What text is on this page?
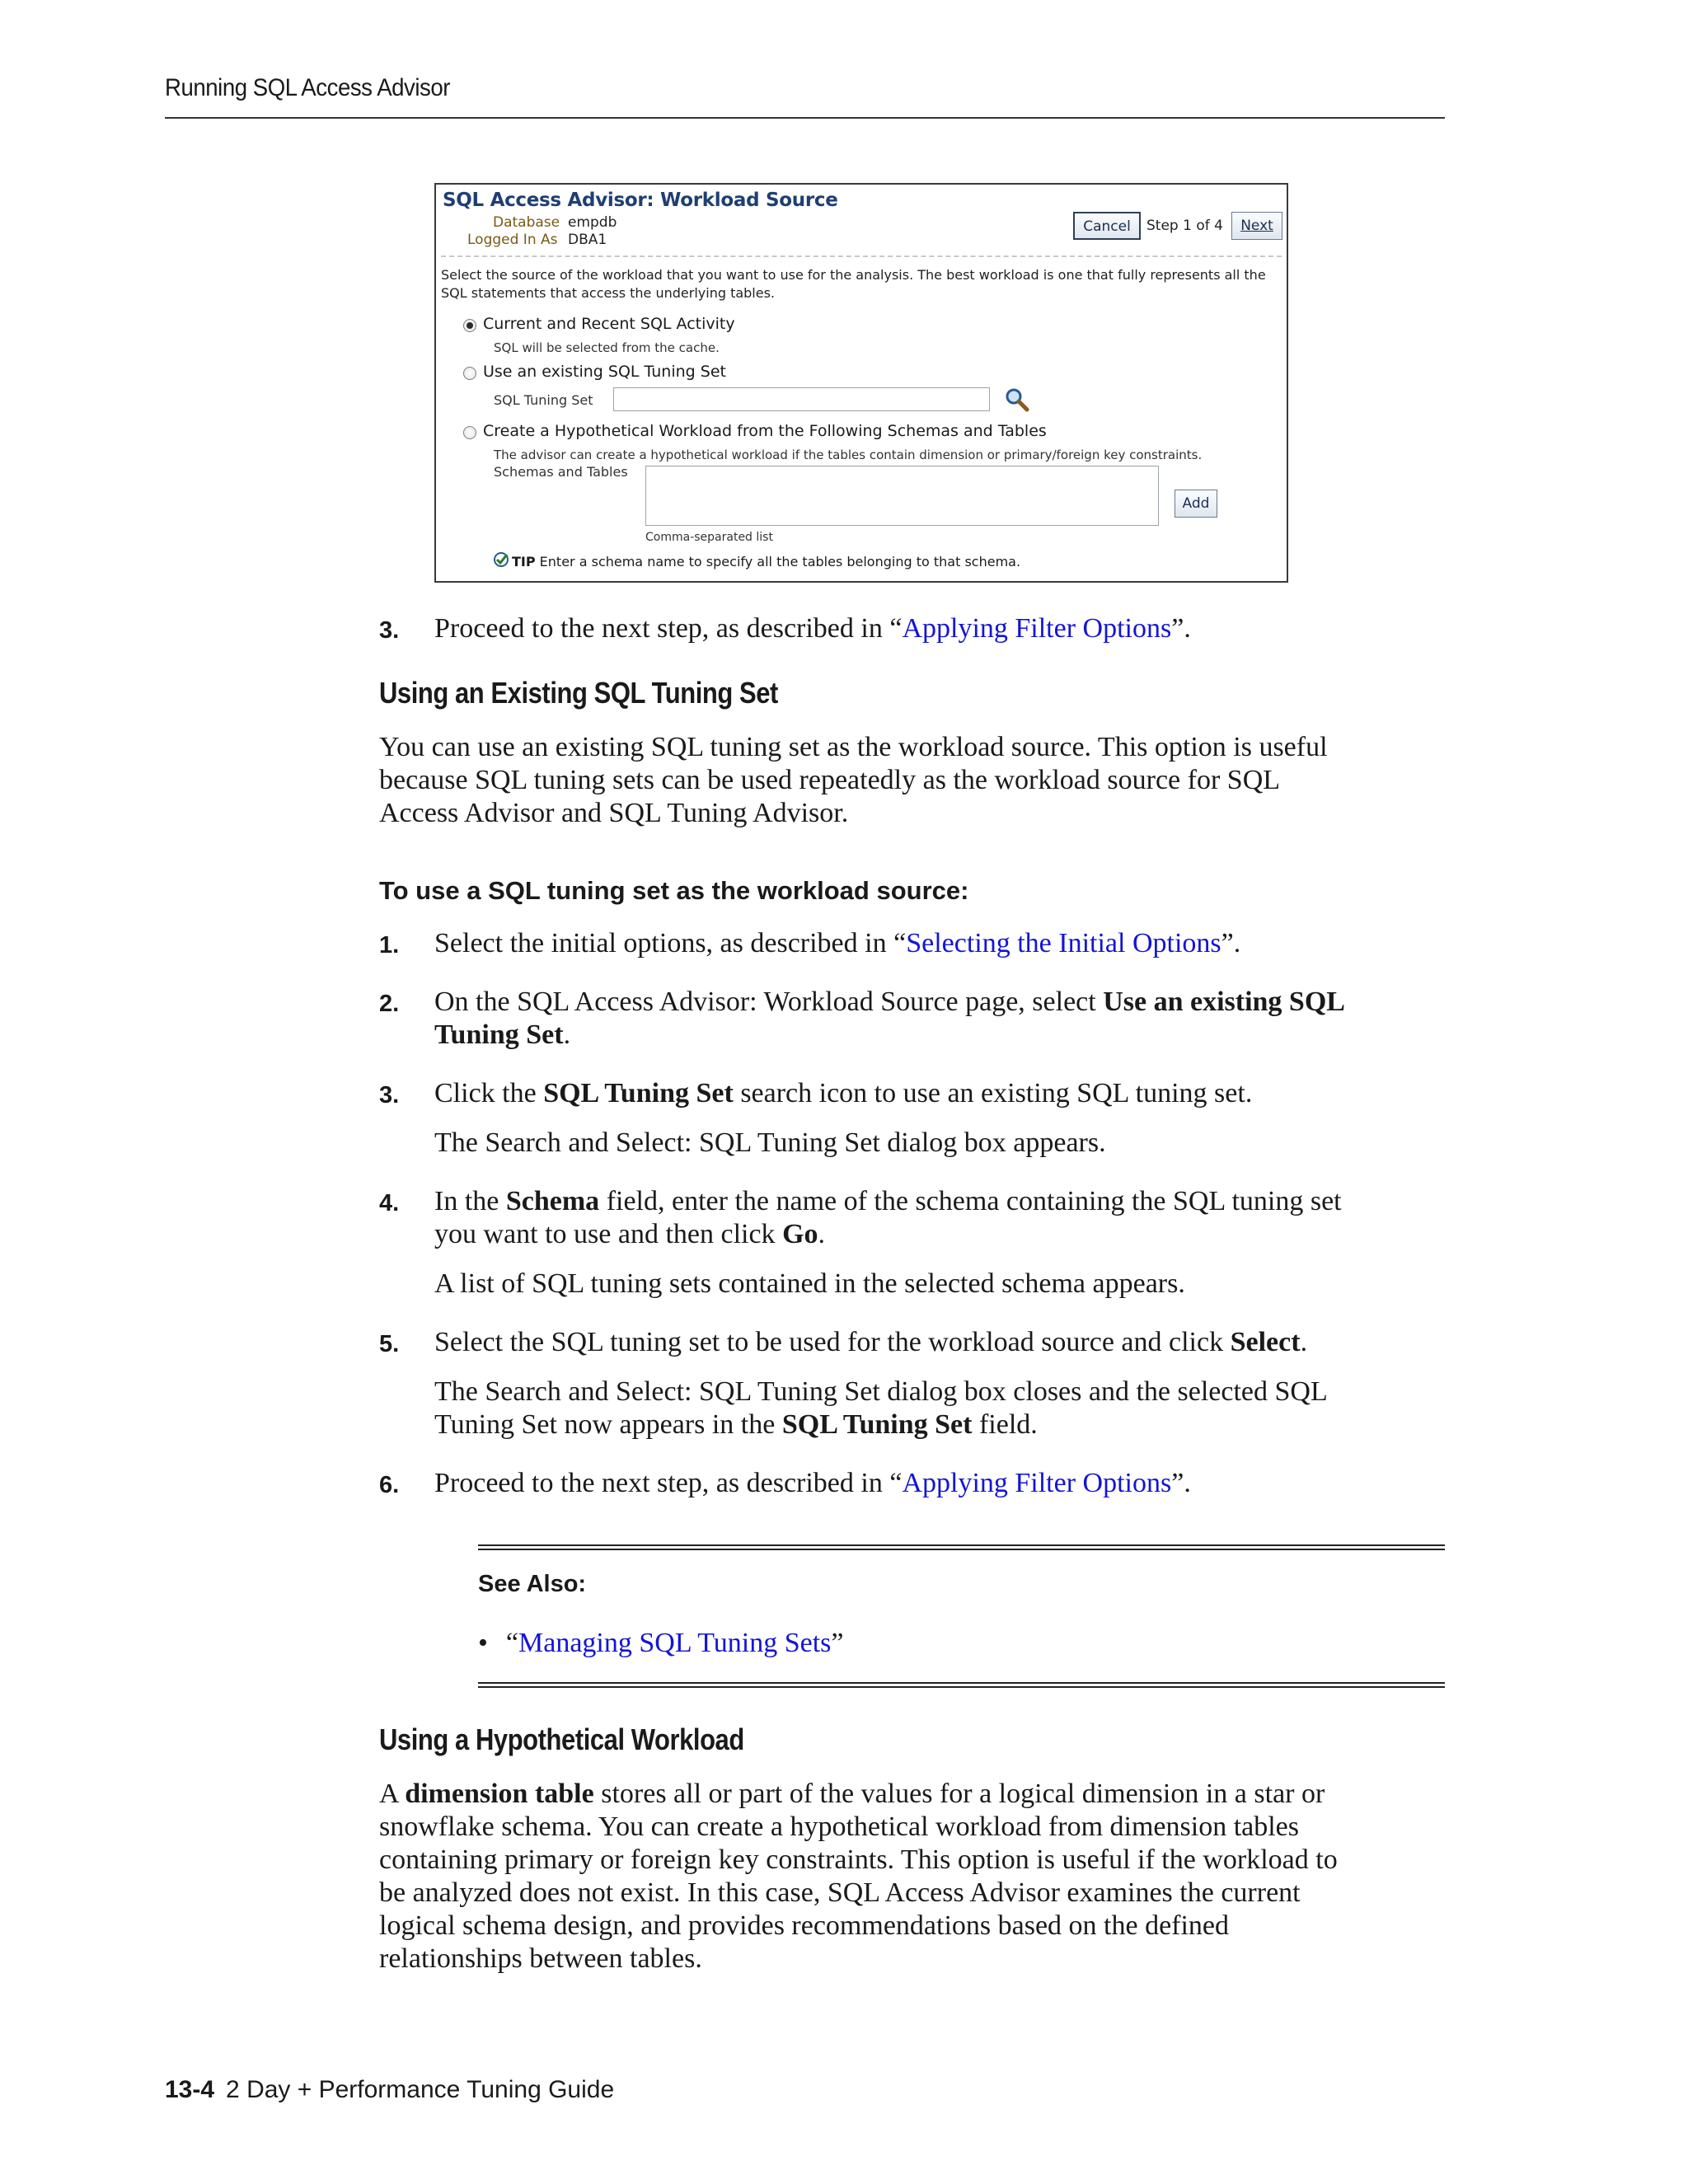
Running SQL Access Advisor
SQL Access Advisor: Workload Source
Database empdb
Logged In As DBA1
Cancel	Step 1 of 4	Next
Select the source of the workload that you want to use for the analysis. The best workload is one that fully represents all the
SQL statements that access the underlying tables.
Current and Recent SQL Activity
SQL will be selected from the cache.
Use an existing SQL Tuning Set
SQL Tuning Set
Create a Hypothetical Workload from the Following Schemas and Tables
The advisor can create a hypothetical workload if the tables contain dimension or primary/foreign key constraints.
Schemas and Tables
Add
Comma-separated list
TIP Enter a schema name to specify all the tables belonging to that schema.
3. Proceed to the next step, as described in “Applying Filter Options”.
Using an Existing SQL Tuning Set
You can use an existing SQL tuning set as the workload source. This option is useful
because SQL tuning sets can be used repeatedly as the workload source for SQL
Access Advisor and SQL Tuning Advisor.
To use a SQL tuning set as the workload source:
1. Select the initial options, as described in “Selecting the Initial Options”.
2. On the SQL Access Advisor: Workload Source page, select Use an existing SQL
Tuning Set.
3. Click the SQL Tuning Set search icon to use an existing SQL tuning set.
The Search and Select: SQL Tuning Set dialog box appears.
4. In the Schema field, enter the name of the schema containing the SQL tuning set
you want to use and then click Go.
A list of SQL tuning sets contained in the selected schema appears.
5. Select the SQL tuning set to be used for the workload source and click Select.
The Search and Select: SQL Tuning Set dialog box closes and the selected SQL
Tuning Set now appears in the SQL Tuning Set field.
6. Proceed to the next step, as described in “Applying Filter Options”.
See Also:
• “Managing SQL Tuning Sets”
Using a Hypothetical Workload
A dimension table stores all or part of the values for a logical dimension in a star or
snowflake schema. You can create a hypothetical workload from dimension tables
containing primary or foreign key constraints. This option is useful if the workload to
be analyzed does not exist. In this case, SQL Access Advisor examines the current
logical schema design, and provides recommendations based on the defined
relationships between tables.
13-4 2 Day + Performance Tuning Guide
